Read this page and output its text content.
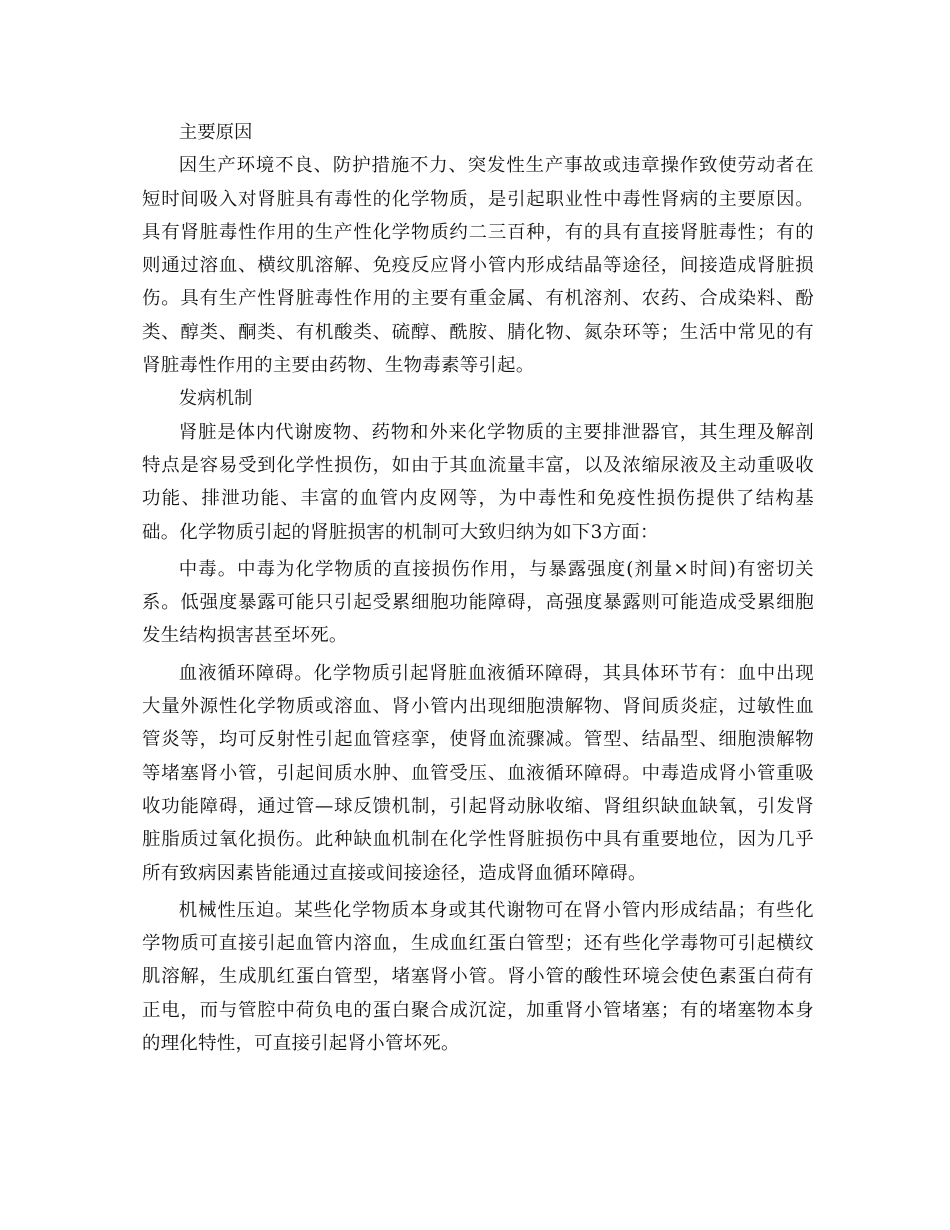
主要原因

因生产环境不良、防护措施不力、突发性生产事故或违章操作致使劳动者在短时间吸入对肾脏具有毒性的化学物质，是引起职业性中毒性肾病的主要原因。具有肾脏毒性作用的生产性化学物质约二三百种，有的具有直接肾脏毒性；有的则通过溶血、横纹肌溶解、免疫反应肾小管内形成结晶等途径，间接造成肾脏损伤。具有生产性肾脏毒性作用的主要有重金属、有机溶剂、农药、合成染料、酚类、醇类、酮类、有机酸类、硫醇、酰胺、腈化物、氮杂环等；生活中常见的有肾脏毒性作用的主要由药物、生物毒素等引起。

发病机制

肾脏是体内代谢废物、药物和外来化学物质的主要排泄器官，其生理及解剖特点是容易受到化学性损伤，如由于其血流量丰富，以及浓缩尿液及主动重吸收功能、排泄功能、丰富的血管内皮网等，为中毒性和免疫性损伤提供了结构基础。化学物质引起的肾脏损害的机制可大致归纳为如下3方面：

中毒。中毒为化学物质的直接损伤作用，与暴露强度(剂量×时间)有密切关系。低强度暴露可能只引起受累细胞功能障碍，高强度暴露则可能造成受累细胞发生结构损害甚至坏死。

血液循环障碍。化学物质引起肾脏血液循环障碍，其具体环节有：血中出现大量外源性化学物质或溶血、肾小管内出现细胞溃解物、肾间质炎症，过敏性血管炎等，均可反射性引起血管痉挛，使肾血流骤减。管型、结晶型、细胞溃解物等堵塞肾小管，引起间质水肿、血管受压、血液循环障碍。中毒造成肾小管重吸收功能障碍，通过管—球反馈机制，引起肾动脉收缩、肾组织缺血缺氧，引发肾脏脂质过氧化损伤。此种缺血机制在化学性肾脏损伤中具有重要地位，因为几乎所有致病因素皆能通过直接或间接途径，造成肾血循环障碍。

机械性压迫。某些化学物质本身或其代谢物可在肾小管内形成结晶；有些化学物质可直接引起血管内溶血，生成血红蛋白管型；还有些化学毒物可引起横纹肌溶解，生成肌红蛋白管型，堵塞肾小管。肾小管的酸性环境会使色素蛋白荷有正电，而与管腔中荷负电的蛋白聚合成沉淀，加重肾小管堵塞；有的堵塞物本身的理化特性，可直接引起肾小管坏死。
